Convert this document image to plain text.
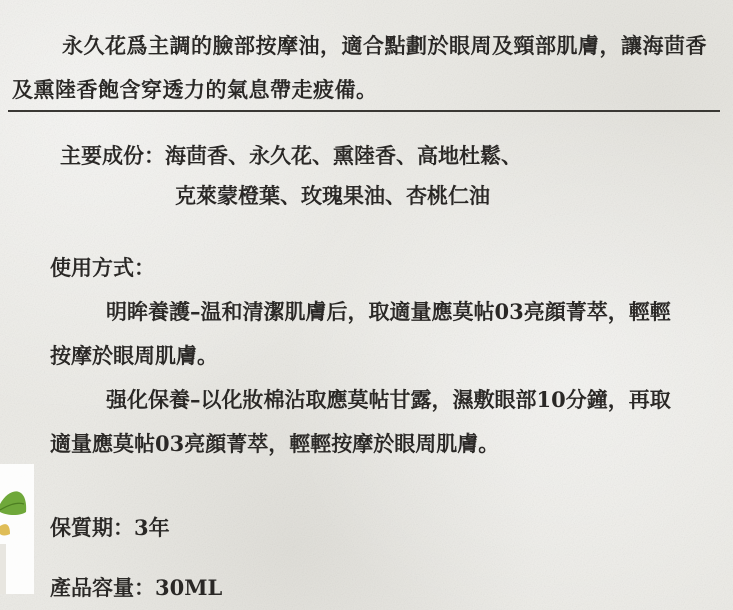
永久花爲主調的臉部按摩油，適合點劃於眼周及頸部肌膚，讓海茴香及熏陸香飽含穿透力的氣息帶走疲備。

主要成份：海茴香、永久花、熏陸香、高地杜鬆、
克萊蒙橙葉、玫瑰果油、杏桃仁油
使用方式：

明眸養護–温和清潔肌膚后，取適量應莫帖03亮顔菁萃，輕輕按摩於眼周肌膚。

强化保養–以化妝棉沾取應莫帖甘露，濕敷眼部10分鐘，再取適量應莫帖03亮顔菁萃，輕輕按摩於眼周肌膚。

保質期：3年
產品容量：30ML
